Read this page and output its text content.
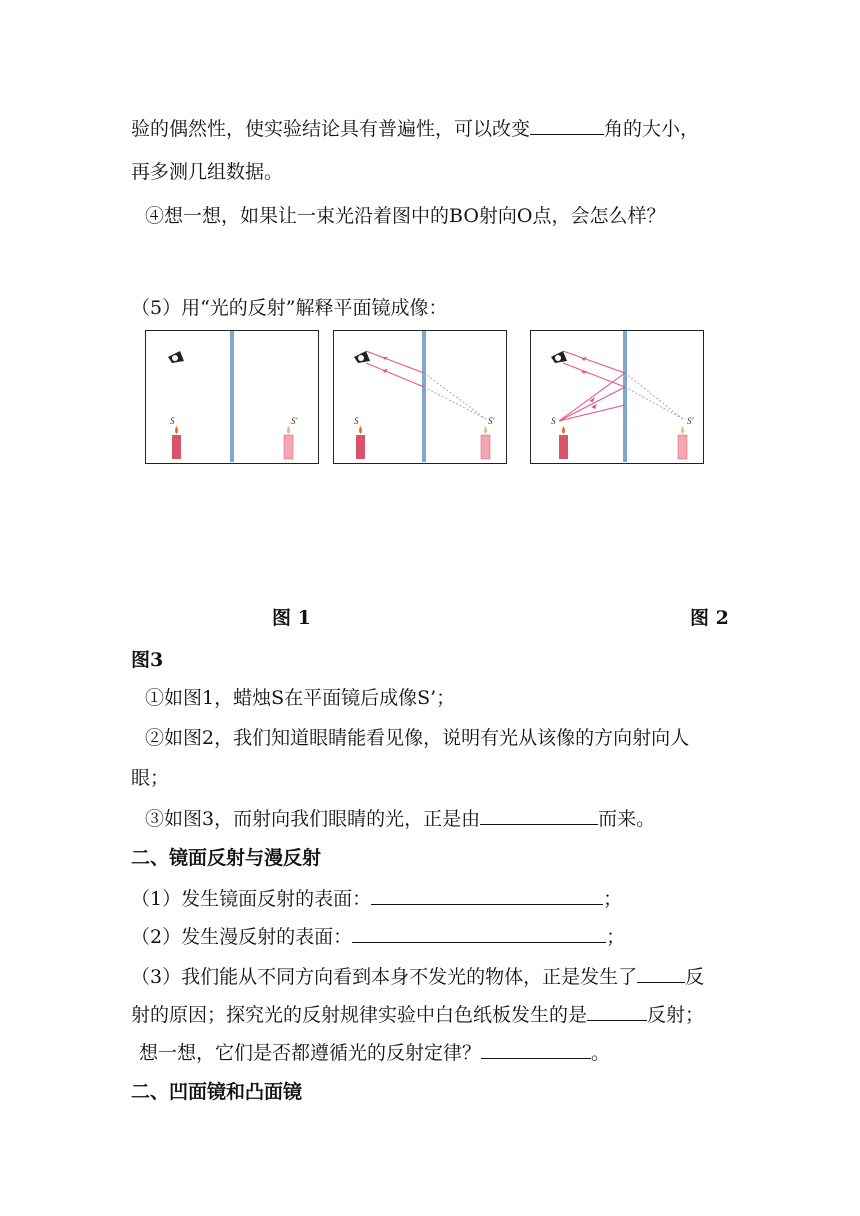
验的偶然性，使实验结论具有普遍性，可以改变	角的大小，
再多测几组数据。
④想一想，如果让一束光沿着图中的BO射向O点，会怎么样？
（5）用“光的反射”解释平面镜成像：
S	S′	S	S′	S	S′
图 1	图 2
图3
①如图1，蜡烛S在平面镜后成像S’；
②如图2，我们知道眼睛能看见像，说明有光从该像的方向射向人
眼；
③如图3，而射向我们眼睛的光，正是由	而来。
二、镜面反射与漫反射
（1）发生镜面反射的表面：	；
（2）发生漫反射的表面：	；
（3）我们能从不同方向看到本身不发光的物体，正是发生了	反
射的原因；探究光的反射规律实验中白色纸板发生的是	反射；
想一想，它们是否都遵循光的反射定律？	。
二、凹面镜和凸面镜
